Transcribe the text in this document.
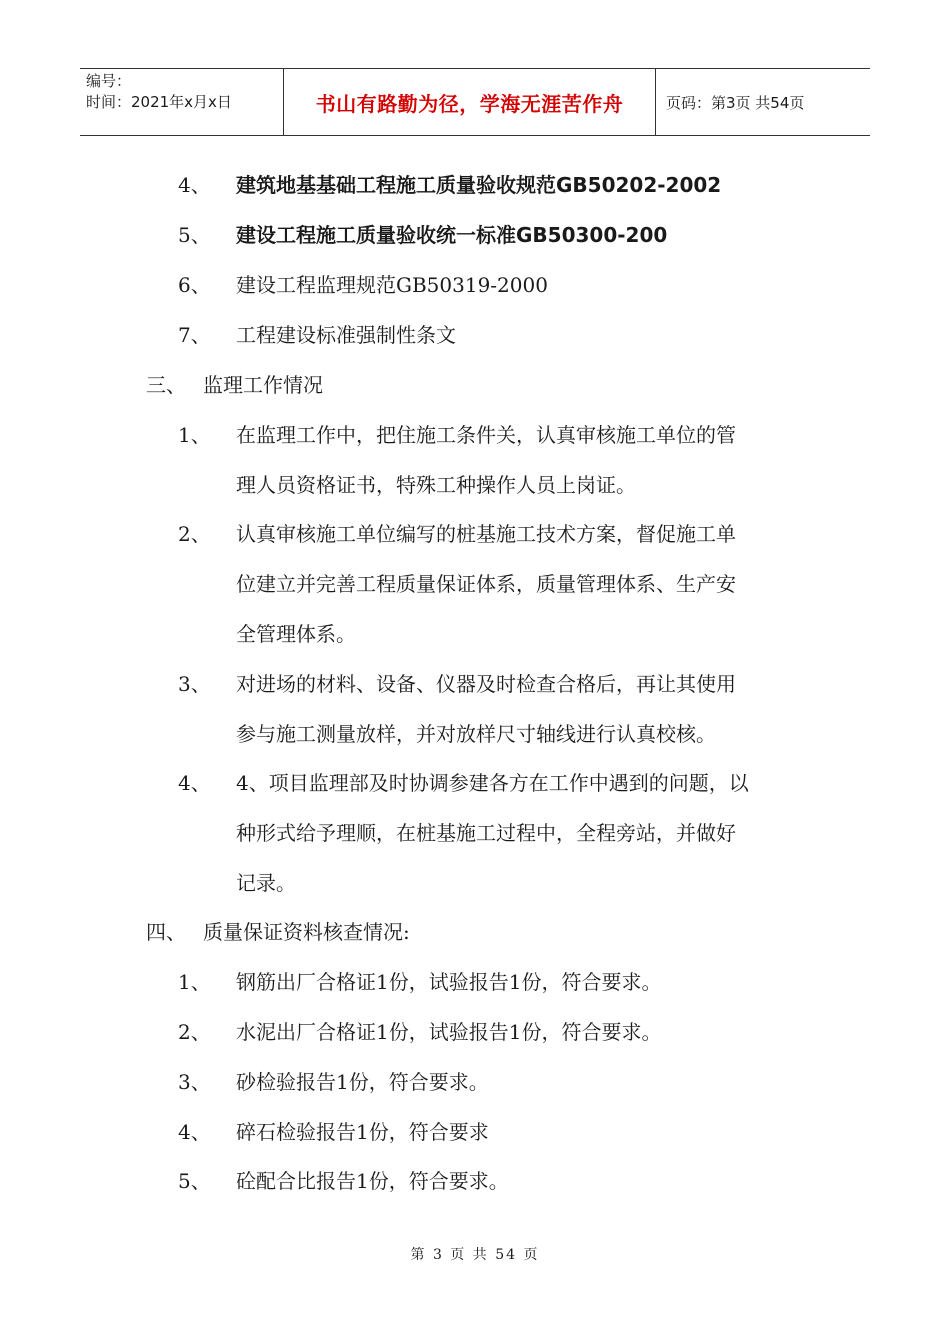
编号：
时间：2021年x月x日	书山有路勤为径，学海无涯苦作舟	页码：第3页 共54页
4、 建筑地基基础工程施工质量验收规范GB50202-2002
5、 建设工程施工质量验收统一标准GB50300-200
6、 建设工程监理规范GB50319-2000
7、 工程建设标准强制性条文
三、 监理工作情况
1、 在监理工作中，把住施工条件关，认真审核施工单位的管
理人员资格证书，特殊工种操作人员上岗证。
2、 认真审核施工单位编写的桩基施工技术方案，督促施工单
位建立并完善工程质量保证体系，质量管理体系、生产安
全管理体系。
3、 对进场的材料、设备、仪器及时检查合格后，再让其使用
参与施工测量放样，并对放样尺寸轴线进行认真校核。
4、 4、项目监理部及时协调参建各方在工作中遇到的问题，以
种形式给予理顺，在桩基施工过程中，全程旁站，并做好
记录。
四、 质量保证资料核查情况:
1、 钢筋出厂合格证1份，试验报告1份，符合要求。
2、 水泥出厂合格证1份，试验报告1份，符合要求。
3、 砂检验报告1份，符合要求。
4、 碎石检验报告1份，符合要求
5、 砼配合比报告1份，符合要求。
第 3 页 共 54 页
